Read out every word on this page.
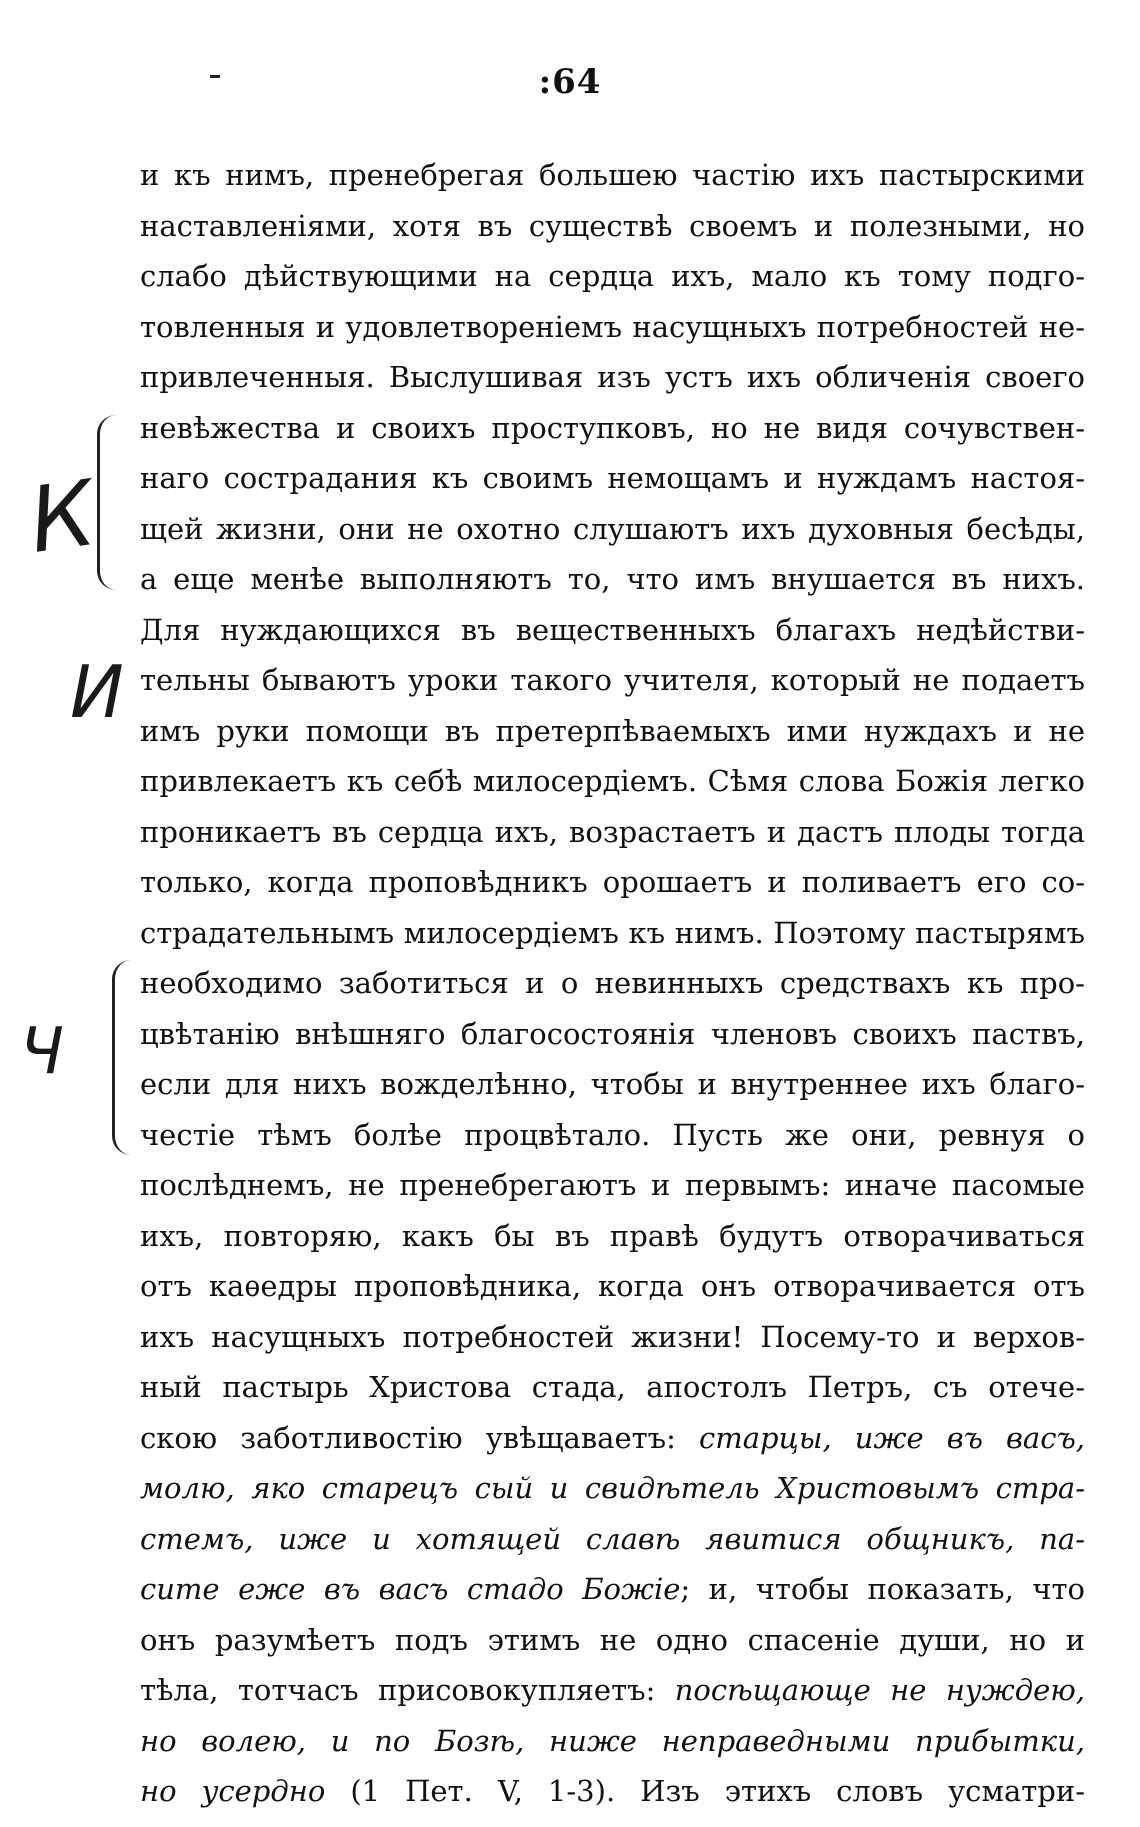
:64
К
И
Ч
и къ нимъ, пренебрегая большею частію ихъ пастырскими
наставленіями, хотя въ существѣ своемъ и полезными, но
слабо дѣйствующими на сердца ихъ, мало къ тому подго-
товленныя и удовлетвореніемъ насущныхъ потребностей не-
привлеченныя. Выслушивая изъ устъ ихъ обличенія своего
невѣжества и своихъ проступковъ, но не видя сочувствен-
наго сострадания къ своимъ немощамъ и нуждамъ настоя-
щей жизни, они не охотно слушаютъ ихъ духовныя бесѣды,
а еще менѣе выполняютъ то, что имъ внушается въ нихъ.
Для нуждающихся въ вещественныхъ благахъ недѣйстви-
тельны бываютъ уроки такого учителя, который не подаетъ
имъ руки помощи въ претерпѣваемыхъ ими нуждахъ и не
привлекаетъ къ себѣ милосердіемъ. Сѣмя слова Божія легко
проникаетъ въ сердца ихъ, возрастаетъ и дастъ плоды тогда
только, когда проповѣдникъ орошаетъ и поливаетъ его со-
страдательнымъ милосердіемъ къ нимъ. Поэтому пастырямъ
необходимо заботиться и о невинныхъ средствахъ къ про-
цвѣтанію внѣшняго благосостоянія членовъ своихъ паствъ,
если для нихъ вожделѣнно, чтобы и внутреннее ихъ благо-
честіе тѣмъ болѣе процвѣтало. Пусть же они, ревнуя о
послѣднемъ, не пренебрегаютъ и первымъ: иначе пасомые
ихъ, повторяю, какъ бы въ правѣ будутъ отворачиваться
отъ каѳедры проповѣдника, когда онъ отворачивается отъ
ихъ насущныхъ потребностей жизни! Посему-то и верхов-
ный пастырь Христова стада, апостолъ Петръ, съ отече-
скою заботливостію увѣщаваетъ: старцы, иже въ васъ,
молю, яко старецъ сый и свидѣтель Христовымъ стра-
стемъ, иже и хотящей славѣ явитися общникъ, па-
сите еже въ васъ стадо Божіе; и, чтобы показать, что
онъ разумѣетъ подъ этимъ не одно спасеніе души, но и
тѣла, тотчасъ присовокупляетъ: посѣщающе не нуждею,
но волею, и по Бозѣ, ниже неправедными прибытки,
но усердно (1 Пет. V, 1-3). Изъ этихъ словъ усматри-
